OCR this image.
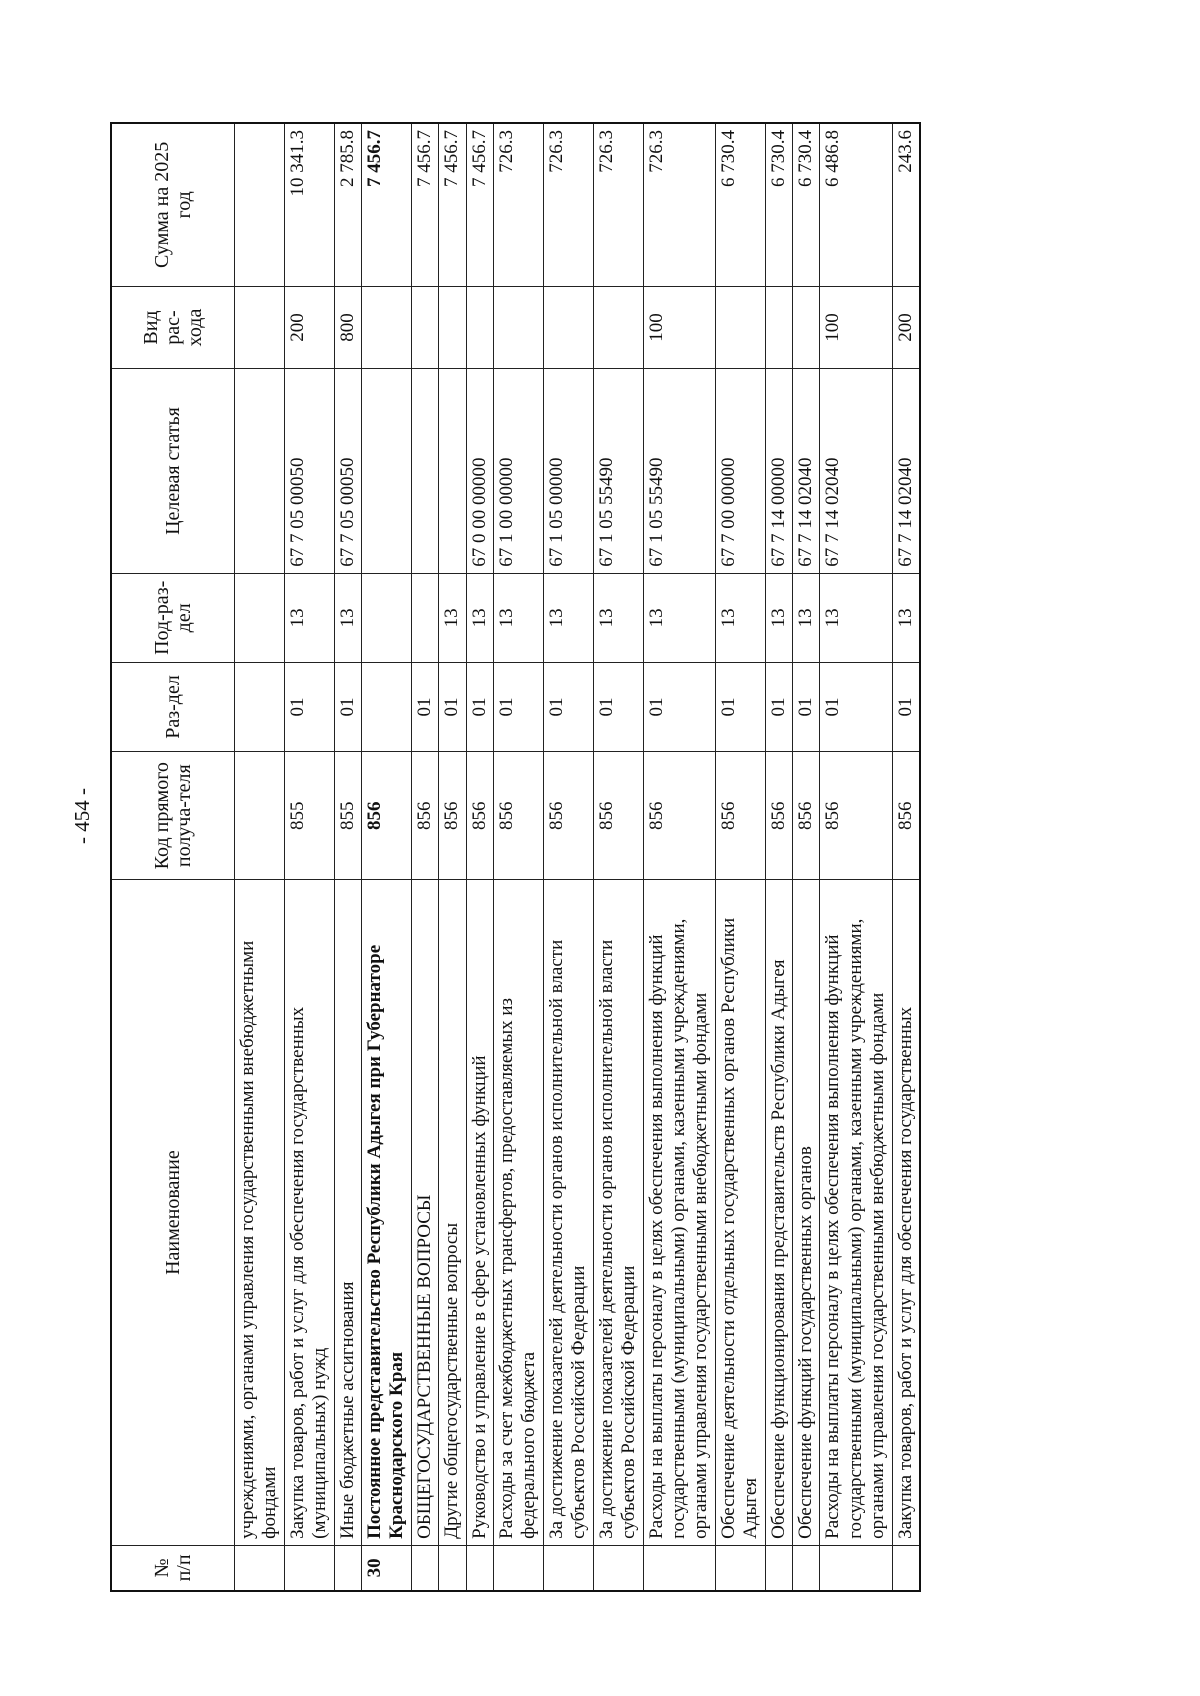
- 454 -
№ п/п	Наименование	Код прямого получа-теля	Раз-дел	Под-раз-дел	Целевая статья	Вид рас-хода	Сумма на 2025 год
	учреждениями, органами управления государственными внебюджетными фондами						
	Закупка товаров, работ и услуг для обеспечения государственных (муниципальных) нужд	855	01	13	67 7 05 00050	200	10 341.3
	Иные бюджетные ассигнования	855	01	13	67 7 05 00050	800	2 785.8
30	Постоянное представительство Республики Адыгея при Губернаторе Краснодарского Края	856					7 456.7
	ОБЩЕГОСУДАРСТВЕННЫЕ ВОПРОСЫ	856	01				7 456.7
	Другие общегосударственные вопросы	856	01	13			7 456.7
	Руководство и управление в сфере установленных функций	856	01	13	67 0 00 00000		7 456.7
	Расходы за счет межбюджетных трансфертов, предоставляемых из федерального бюджета	856	01	13	67 1 00 00000		726.3
	За достижение показателей деятельности органов исполнительной власти субъектов Российской Федерации	856	01	13	67 1 05 00000		726.3
	За достижение показателей деятельности органов исполнительной власти субъектов Российской Федерации	856	01	13	67 1 05 55490		726.3
	Расходы на выплаты персоналу в целях обеспечения выполнения функций государственными (муниципальными) органами, казенными учреждениями, органами управления государственными внебюджетными фондами	856	01	13	67 1 05 55490	100	726.3
	Обеспечение деятельности отдельных государственных органов Республики Адыгея	856	01	13	67 7 00 00000		6 730.4
	Обеспечение функционирования представительств Республики Адыгея	856	01	13	67 7 14 00000		6 730.4
	Обеспечение функций государственных органов	856	01	13	67 7 14 02040		6 730.4
	Расходы на выплаты персоналу в целях обеспечения выполнения функций государственными (муниципальными) органами, казенными учреждениями, органами управления государственными внебюджетными фондами	856	01	13	67 7 14 02040	100	6 486.8
	Закупка товаров, работ и услуг для обеспечения государственных	856	01	13	67 7 14 02040	200	243.6
